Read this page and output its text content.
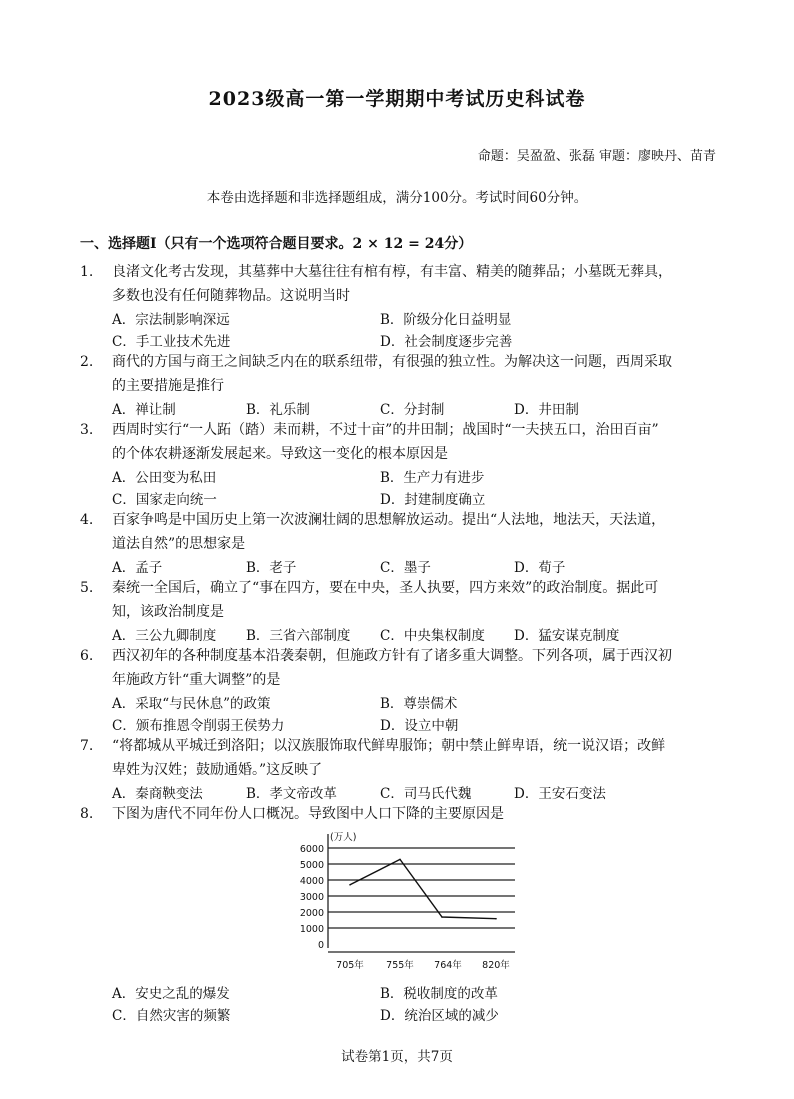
2023级高一第一学期期中考试历史科试卷
命题：吴盈盈、张磊 审题：廖映丹、苗青
本卷由选择题和非选择题组成，满分100分。考试时间60分钟。
一、选择题Ⅰ（只有一个选项符合题目要求。2 × 12 = 24分）
1. 良渚文化考古发现，其墓葬中大墓往往有棺有椁，有丰富、精美的随葬品；小墓既无葬具，
多数也没有任何随葬物品。这说明当时
A．宗法制影响深远	B．阶级分化日益明显
C．手工业技术先进	D．社会制度逐步完善
2. 商代的方国与商王之间缺乏内在的联系纽带，有很强的独立性。为解决这一问题，西周采取
的主要措施是推行
A．禅让制	B．礼乐制	C．分封制	D．井田制
3. 西周时实行“一人跖（踏）耒而耕，不过十亩”的井田制；战国时“一夫挟五口，治田百亩”
的个体农耕逐渐发展起来。导致这一变化的根本原因是
A．公田变为私田	B．生产力有进步
C．国家走向统一	D．封建制度确立
4. 百家争鸣是中国历史上第一次波澜壮阔的思想解放运动。提出“人法地，地法天，天法道，
道法自然”的思想家是
A．孟子	B．老子	C．墨子	D．荀子
5. 秦统一全国后，确立了“事在四方，要在中央，圣人执要，四方来效”的政治制度。据此可
知，该政治制度是
A．三公九卿制度 B．三省六部制度 C．中央集权制度 D．猛安谋克制度
6. 西汉初年的各种制度基本沿袭秦朝，但施政方针有了诸多重大调整。下列各项，属于西汉初
年施政方针“重大调整”的是
A．采取“与民休息”的政策	B．尊崇儒术
C．颁布推恩令削弱王侯势力	D．设立中朝
7. “将都城从平城迁到洛阳；以汉族服饰取代鲜卑服饰；朝中禁止鲜卑语，统一说汉语；改鲜
卑姓为汉姓；鼓励通婚。”这反映了
A．秦商鞅变法	B．孝文帝改革	C．司马氏代魏	D．王安石变法
8. 下图为唐代不同年份人口概况。导致图中人口下降的主要原因是
0
1000
2000
3000
4000
5000
6000
(万人)
705年 755年 764年 820年
A．安史之乱的爆发	B．税收制度的改革
C．自然灾害的频繁	D．统治区域的减少
试卷第1页，共7页
